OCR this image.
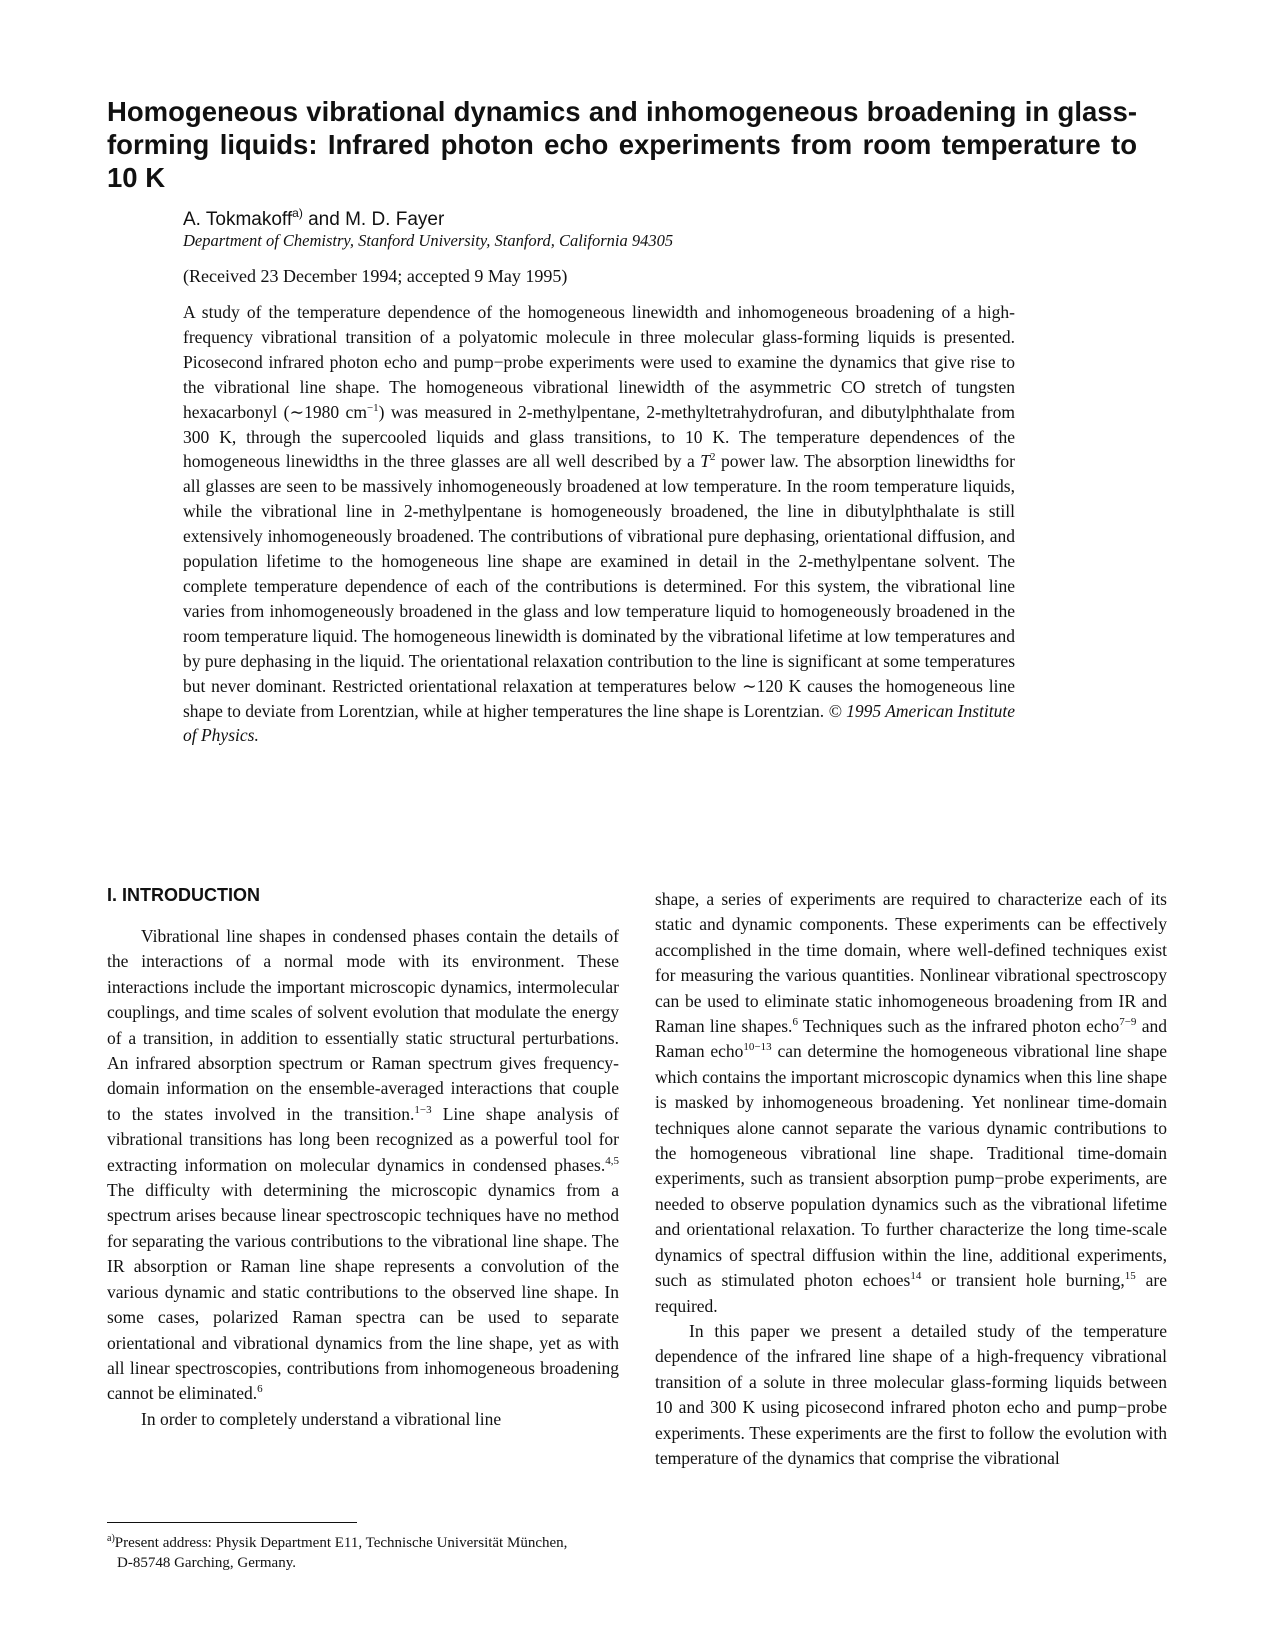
Homogeneous vibrational dynamics and inhomogeneous broadening in glass-forming liquids: Infrared photon echo experiments from room temperature to 10 K
A. Tokmakoff$^{a)}$ and M. D. Fayer
Department of Chemistry, Stanford University, Stanford, California 94305
(Received 23 December 1994; accepted 9 May 1995)

A study of the temperature dependence of the homogeneous linewidth and inhomogeneous broadening of a high-frequency vibrational transition of a polyatomic molecule in three molecular glass-forming liquids is presented. Picosecond infrared photon echo and pump−probe experiments were used to examine the dynamics that give rise to the vibrational line shape. The homogeneous vibrational linewidth of the asymmetric CO stretch of tungsten hexacarbonyl (∼1980 $cm^{-1}$) was measured in 2-methylpentane, 2-methyltetrahydrofuran, and dibutylphthalate from 300 K, through the supercooled liquids and glass transitions, to 10 K. The temperature dependences of the homogeneous linewidths in the three glasses are all well described by a $T^2$ power law. The absorption linewidths for all glasses are seen to be massively inhomogeneously broadened at low temperature. In the room temperature liquids, while the vibrational line in 2-methylpentane is homogeneously broadened, the line in dibutylphthalate is still extensively inhomogeneously broadened. The contributions of vibrational pure dephasing, orientational diffusion, and population lifetime to the homogeneous line shape are examined in detail in the 2-methylpentane solvent. The complete temperature dependence of each of the contributions is determined. For this system, the vibrational line varies from inhomogeneously broadened in the glass and low temperature liquid to homogeneously broadened in the room temperature liquid. The homogeneous linewidth is dominated by the vibrational lifetime at low temperatures and by pure dephasing in the liquid. The orientational relaxation contribution to the line is significant at some temperatures but never dominant. Restricted orientational relaxation at temperatures below ∼120 K causes the homogeneous line shape to deviate from Lorentzian, while at higher temperatures the line shape is Lorentzian. © 1995 American Institute of Physics.

I. INTRODUCTION

Vibrational line shapes in condensed phases contain the details of the interactions of a normal mode with its environment. These interactions include the important microscopic dynamics, intermolecular couplings, and time scales of solvent evolution that modulate the energy of a transition, in addition to essentially static structural perturbations. An infrared absorption spectrum or Raman spectrum gives frequency-domain information on the ensemble-averaged interactions that couple to the states involved in the transition.$^{1-3}$ Line shape analysis of vibrational transitions has long been recognized as a powerful tool for extracting information on molecular dynamics in condensed phases.$^{4,5}$ The difficulty with determining the microscopic dynamics from a spectrum arises because linear spectroscopic techniques have no method for separating the various contributions to the vibrational line shape. The IR absorption or Raman line shape represents a convolution of the various dynamic and static contributions to the observed line shape. In some cases, polarized Raman spectra can be used to separate orientational and vibrational dynamics from the line shape, yet as with all linear spectroscopies, contributions from inhomogeneous broadening cannot be eliminated.$^6$

In order to completely understand a vibrational line

shape, a series of experiments are required to characterize each of its static and dynamic components. These experiments can be effectively accomplished in the time domain, where well-defined techniques exist for measuring the various quantities. Nonlinear vibrational spectroscopy can be used to eliminate static inhomogeneous broadening from IR and Raman line shapes.$^6$ Techniques such as the infrared photon echo$^{7-9}$ and Raman echo$^{10-13}$ can determine the homogeneous vibrational line shape which contains the important microscopic dynamics when this line shape is masked by inhomogeneous broadening. Yet nonlinear time-domain techniques alone cannot separate the various dynamic contributions to the homogeneous vibrational line shape. Traditional time-domain experiments, such as transient absorption pump−probe experiments, are needed to observe population dynamics such as the vibrational lifetime and orientational relaxation. To further characterize the long time-scale dynamics of spectral diffusion within the line, additional experiments, such as stimulated photon echoes$^{14}$ or transient hole burning,$^{15}$ are required.

In this paper we present a detailed study of the temperature dependence of the infrared line shape of a high-frequency vibrational transition of a solute in three molecular glass-forming liquids between 10 and 300 K using picosecond infrared photon echo and pump−probe experiments. These experiments are the first to follow the evolution with temperature of the dynamics that comprise the vibrational

$^{a)}$Present address: Physik Department E11, Technische Universität München,
D-85748 Garching, Germany.
